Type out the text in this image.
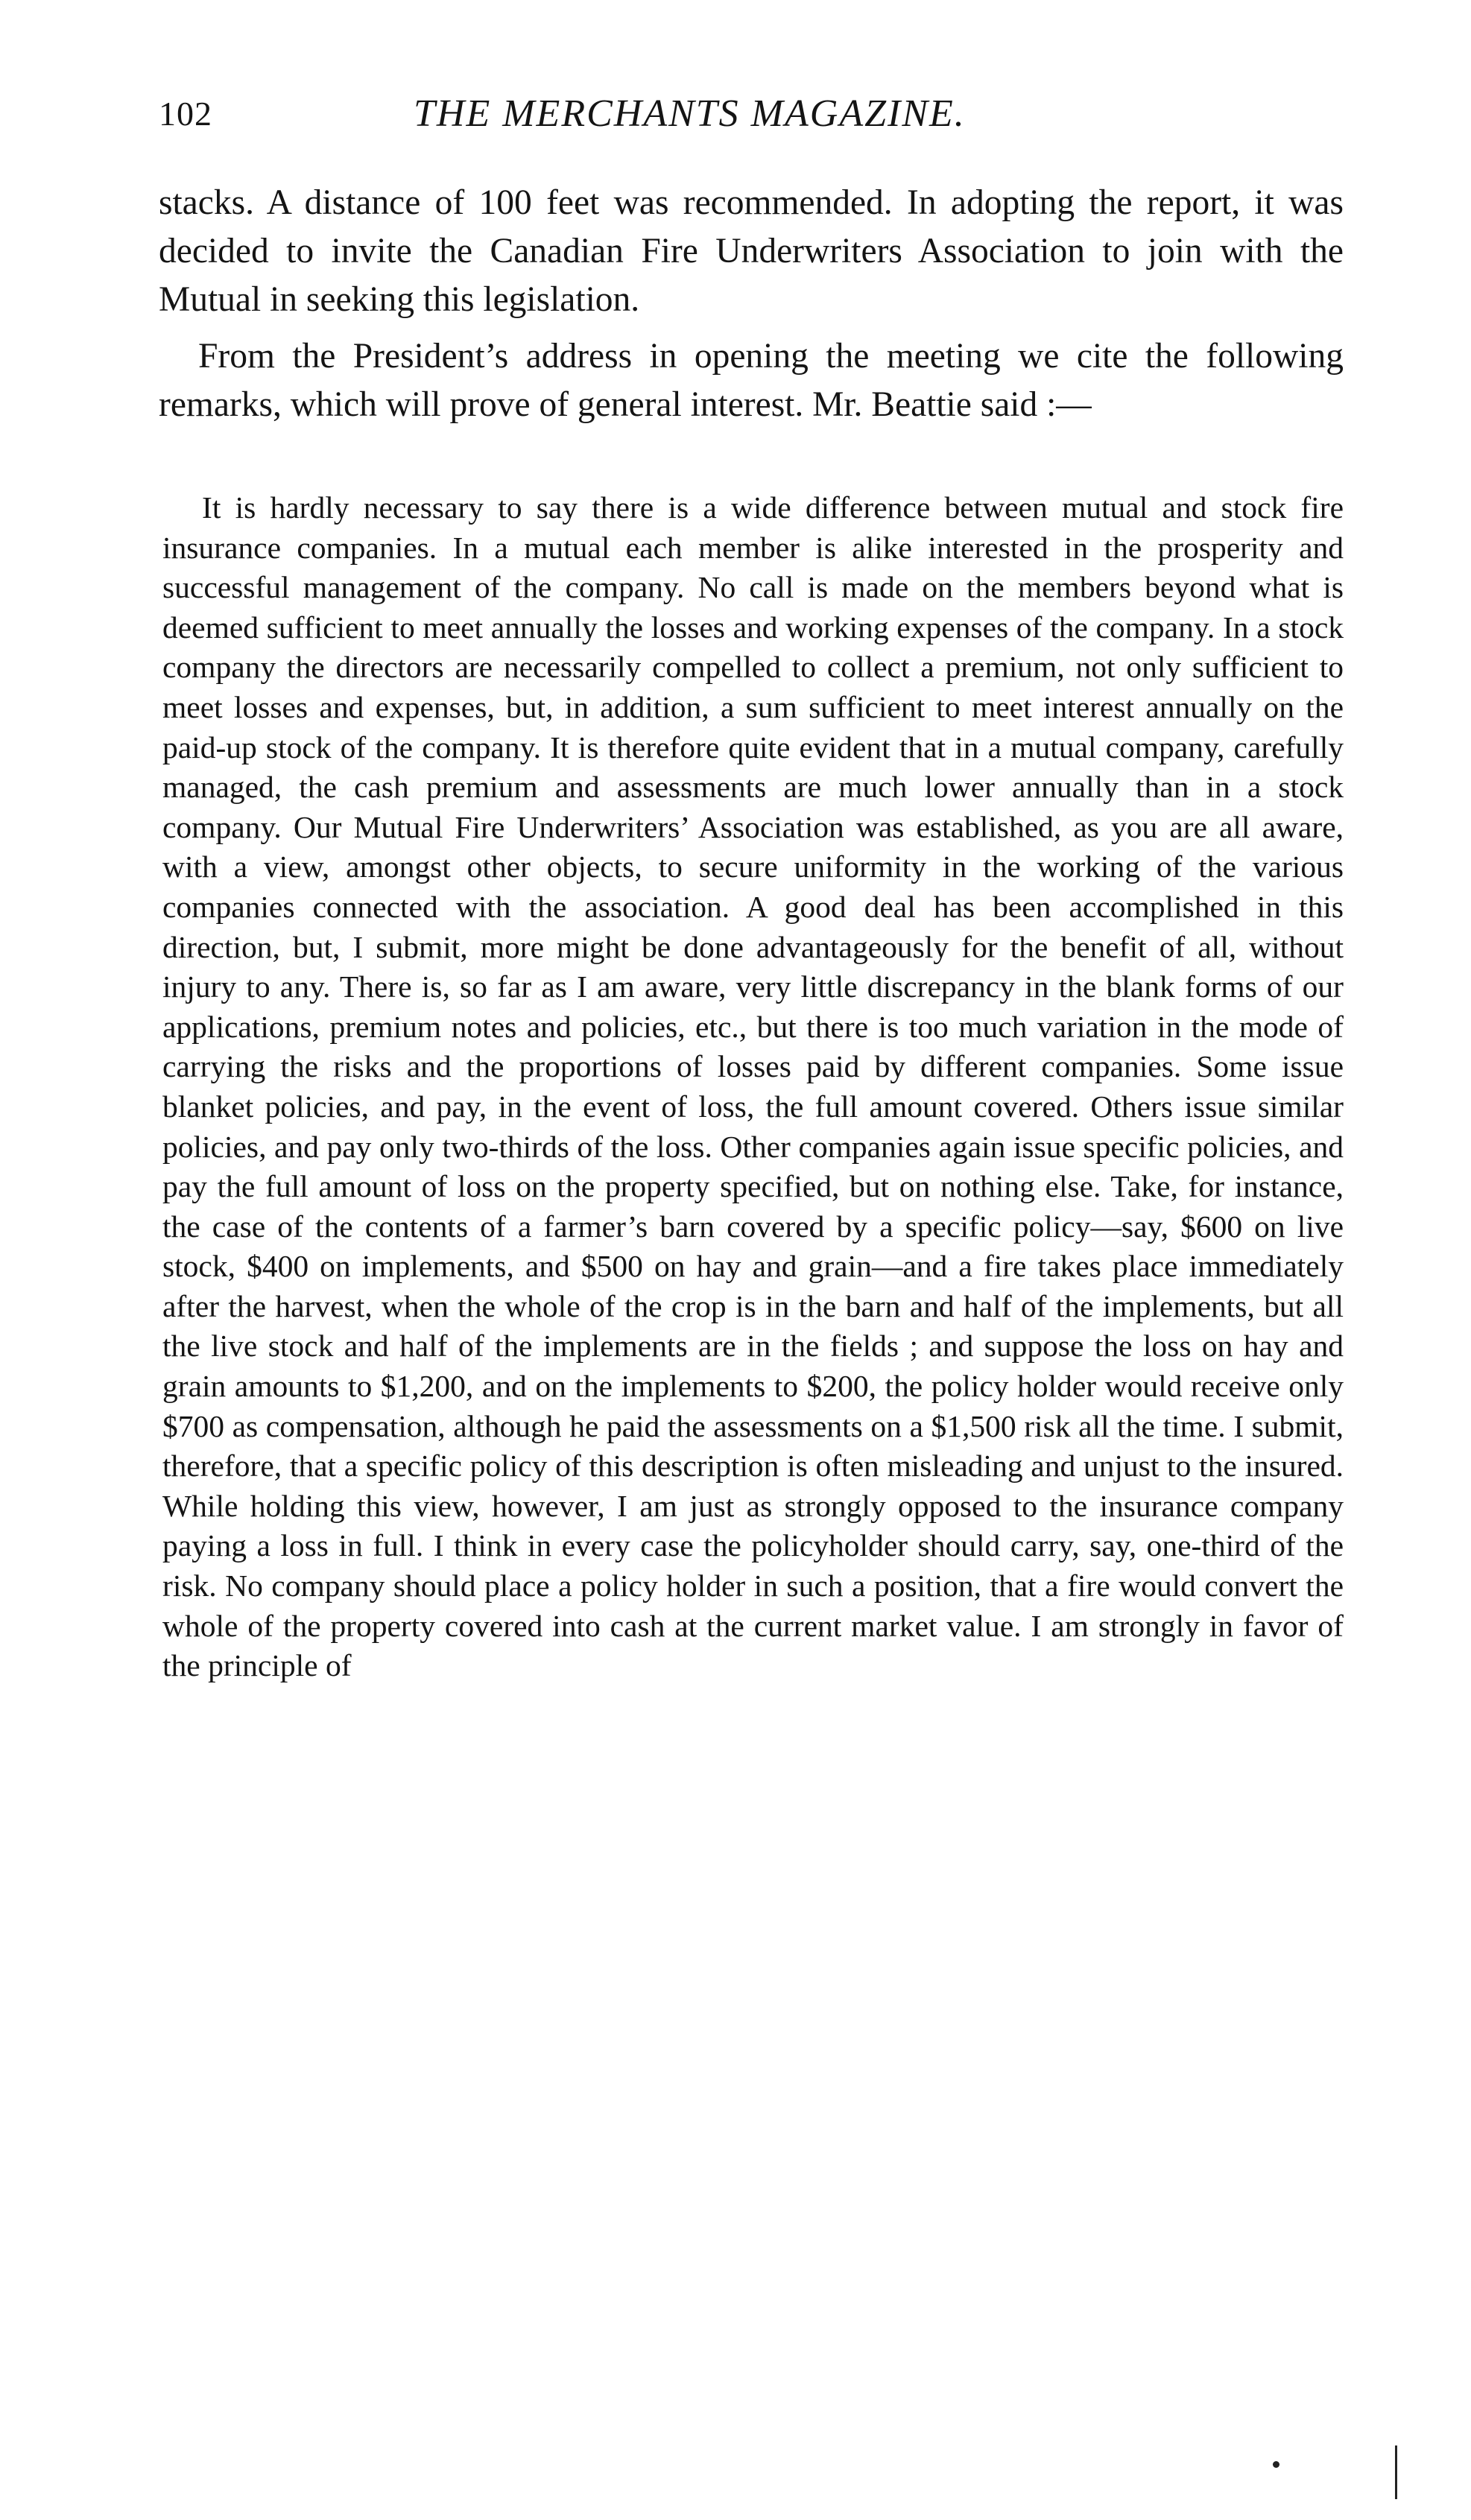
102	THE MERCHANTS MAGAZINE.

stacks. A distance of 100 feet was recommended. In adopting the report, it was decided to invite the Canadian Fire Underwriters Association to join with the Mutual in seeking this legislation.

From the President’s address in opening the meeting we cite the following remarks, which will prove of general interest. Mr. Beattie said :—

It is hardly necessary to say there is a wide difference between mutual and stock fire insurance companies. In a mutual each member is alike interested in the prosperity and successful management of the company. No call is made on the members beyond what is deemed sufficient to meet annually the losses and working expenses of the company. In a stock company the directors are necessarily compelled to collect a premium, not only sufficient to meet losses and expenses, but, in addition, a sum sufficient to meet interest annually on the paid-up stock of the company. It is therefore quite evident that in a mutual company, carefully managed, the cash premium and assessments are much lower annually than in a stock company. Our Mutual Fire Underwriters’ Association was established, as you are all aware, with a view, amongst other objects, to secure uniformity in the working of the various companies connected with the association. A good deal has been accomplished in this direction, but, I submit, more might be done advantageously for the benefit of all, without injury to any. There is, so far as I am aware, very little discrepancy in the blank forms of our applications, premium notes and policies, etc., but there is too much variation in the mode of carrying the risks and the proportions of losses paid by different companies. Some issue blanket policies, and pay, in the event of loss, the full amount covered. Others issue similar policies, and pay only two-thirds of the loss. Other companies again issue specific policies, and pay the full amount of loss on the property specified, but on nothing else. Take, for instance, the case of the contents of a farmer’s barn covered by a specific policy—say, $600 on live stock, $400 on implements, and $500 on hay and grain—and a fire takes place immediately after the harvest, when the whole of the crop is in the barn and half of the implements, but all the live stock and half of the implements are in the fields ; and suppose the loss on hay and grain amounts to $1,200, and on the implements to $200, the policy holder would receive only $700 as compensation, although he paid the assessments on a $1,500 risk all the time. I submit, therefore, that a specific policy of this description is often misleading and unjust to the insured. While holding this view, however, I am just as strongly opposed to the insurance company paying a loss in full. I think in every case the policyholder should carry, say, one-third of the risk. No company should place a policy holder in such a position, that a fire would convert the whole of the property covered into cash at the current market value. I am strongly in favor of the principle of
